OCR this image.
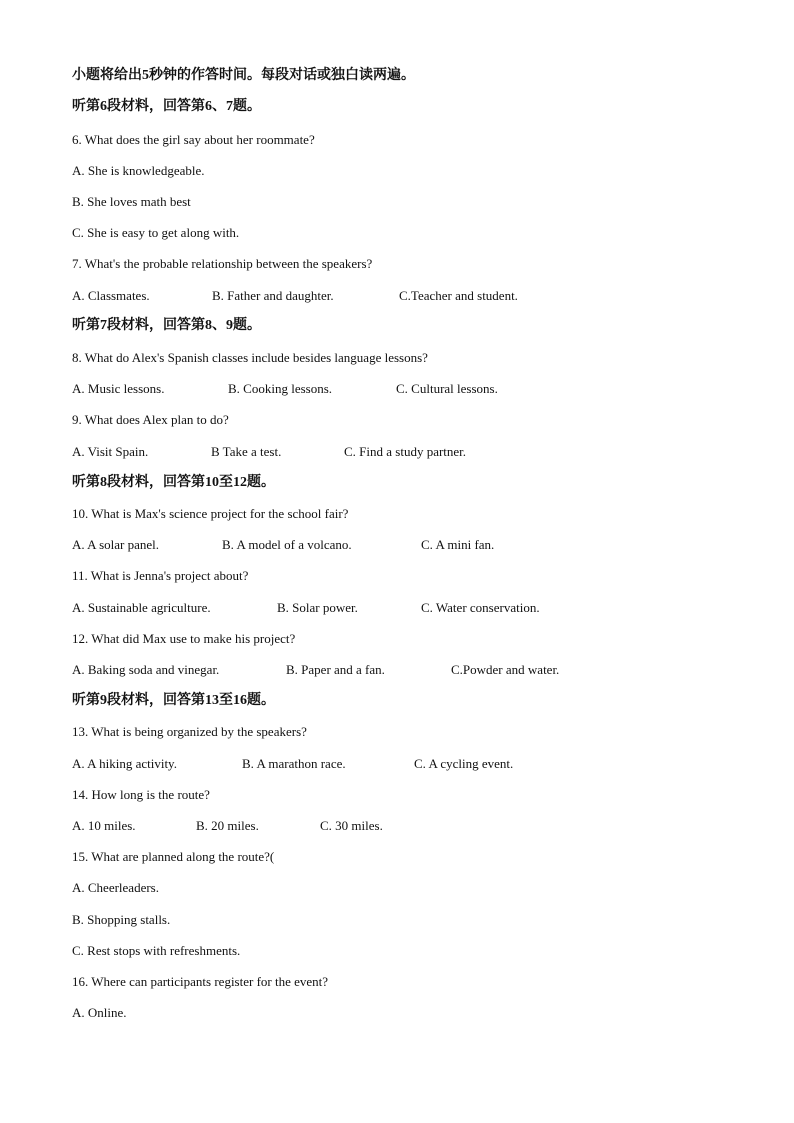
小题将给出5秒钟的作答时间。每段对话或独白读两遍。
听第6段材料，回答第6、7题。
6. What does the girl say about her roommate?
A. She is knowledgeable.
B. She loves math best
C. She is easy to get along with.
7. What's the probable relationship between the speakers?
A. Classmates.	B. Father and daughter.	C.Teacher and student.
听第7段材料，回答第8、9题。
8. What do Alex's Spanish classes include besides language lessons?
A. Music lessons.	B. Cooking lessons.	C. Cultural lessons.
9. What does Alex plan to do?
A. Visit Spain.	B Take a test.	C. Find a study partner.
听第8段材料，回答第10至12题。
10. What is Max's science project for the school fair?
A. A solar panel.	B. A model of a volcano.	C. A mini fan.
11. What is Jenna's project about?
A. Sustainable agriculture.	B. Solar power.	C. Water conservation.
12. What did Max use to make his project?
A. Baking soda and vinegar.	B. Paper and a fan.	C.Powder and water.
听第9段材料，回答第13至16题。
13. What is being organized by the speakers?
A. A hiking activity.	B. A marathon race.	C. A cycling event.
14. How long is the route?
A. 10 miles.	B. 20 miles.	C. 30 miles.
15. What are planned along the route?(
A. Cheerleaders.
B. Shopping stalls.
C. Rest stops with refreshments.
16. Where can participants register for the event?
A. Online.
